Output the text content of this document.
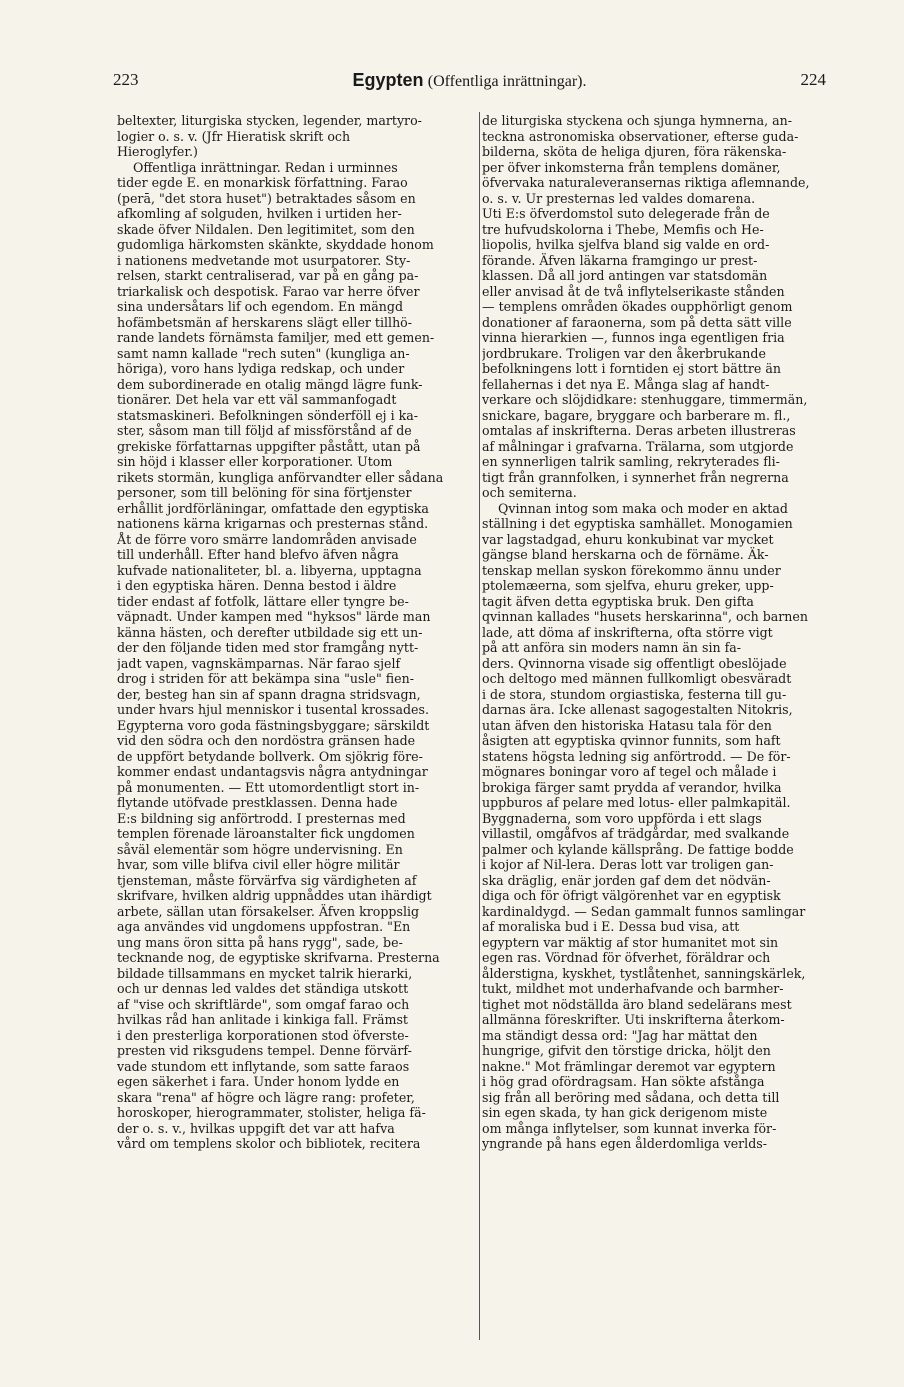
223	Egypten (Offentliga inrättningar).	224
beltexter, liturgiska stycken, legender, martyro-
logier o. s. v. (Jfr Hieratisk skrift och
Hieroglyfer.)
Offentliga inrättningar. Redan i urminnes
tider egde E. en monarkisk författning. Farao
(perā, "det stora huset") betraktades såsom en
afkomling af solguden, hvilken i urtiden her-
skade öfver Nildalen. Den legitimitet, som den
gudomliga härkomsten skänkte, skyddade honom
i nationens medvetande mot usurpatorer. Sty-
relsen, starkt centraliserad, var på en gång pa-
triarkalisk och despotisk. Farao var herre öfver
sina undersåtars lif och egendom. En mängd
hofämbetsmän af herskarens slägt eller tillhö-
rande landets förnämsta familjer, med ett gemen-
samt namn kallade "rech suten" (kungliga an-
höriga), voro hans lydiga redskap, och under
dem subordinerade en otalig mängd lägre funk-
tionärer. Det hela var ett väl sammanfogadt
statsmaskineri. Befolkningen sönderföll ej i ka-
ster, såsom man till följd af missförstånd af de
grekiske författarnas uppgifter påstått, utan på
sin höjd i klasser eller korporationer. Utom
rikets stormän, kungliga anförvandter eller sådana
personer, som till belöning för sina förtjenster
erhållit jordförläningar, omfattade den egyptiska
nationens kärna krigarnas och presternas stånd.
Åt de förre voro smärre landområden anvisade
till underhåll. Efter hand blefvo äfven några
kufvade nationaliteter, bl. a. libyerna, upptagna
i den egyptiska hären. Denna bestod i äldre
tider endast af fotfolk, lättare eller tyngre be-
väpnadt. Under kampen med "hyksos" lärde man
känna hästen, och derefter utbildade sig ett un-
der den följande tiden med stor framgång nytt-
jadt vapen, vagnskämparnas. När farao sjelf
drog i striden för att bekämpa sina "usle" fien-
der, besteg han sin af spann dragna stridsvagn,
under hvars hjul menniskor i tusental krossades.
Egypterna voro goda fästningsbyggare; särskildt
vid den södra och den nordöstra gränsen hade
de uppfört betydande bollverk. Om sjökrig före-
kommer endast undantagsvis några antydningar
på monumenten. — Ett utomordentligt stort in-
flytande utöfvade prestklassen. Denna hade
E:s bildning sig anförtrodd. I presternas med
templen förenade läroanstalter fick ungdomen
såväl elementär som högre undervisning. En
hvar, som ville blifva civil eller högre militär
tjensteman, måste förvärfva sig värdigheten af
skrifvare, hvilken aldrig uppnåddes utan ihärdigt
arbete, sällan utan försakelser. Äfven kroppslig
aga användes vid ungdomens uppfostran. "En
ung mans öron sitta på hans rygg", sade, be-
tecknande nog, de egyptiske skrifvarna. Presterna
bildade tillsammans en mycket talrik hierarki,
och ur dennas led valdes det ständiga utskott
af "vise och skriftlärde", som omgaf farao och
hvilkas råd han anlitade i kinkiga fall. Främst
i den presterliga korporationen stod öfverste-
presten vid riksgudens tempel. Denne förvärf-
vade stundom ett inflytande, som satte faraos
egen säkerhet i fara. Under honom lydde en
skara "rena" af högre och lägre rang: profeter,
horoskoper, hierogrammater, stolister, heliga fä-
der o. s. v., hvilkas uppgift det var att hafva
vård om templens skolor och bibliotek, recitera
de liturgiska styckena och sjunga hymnerna, an-
teckna astronomiska observationer, efterse guda-
bilderna, sköta de heliga djuren, föra räkenska-
per öfver inkomsterna från templens domäner,
öfvervaka naturaleveransernas riktiga aflemnande,
o. s. v. Ur presternas led valdes domarena.
Uti E:s öfverdomstol suto delegerade från de
tre hufvudskolorna i Thebe, Memfis och He-
liopolis, hvilka sjelfva bland sig valde en ord-
förande. Äfven läkarna framgingo ur prest-
klassen. Då all jord antingen var statsdomän
eller anvisad åt de två inflytelserikaste stånden
— templens områden ökades oupphörligt genom
donationer af faraonerna, som på detta sätt ville
vinna hierarkien —, funnos inga egentligen fria
jordbrukare. Troligen var den åkerbrukande
befolkningens lott i forntiden ej stort bättre än
fellahernas i det nya E. Många slag af handt-
verkare och slöjdidkare: stenhuggare, timmermän,
snickare, bagare, bryggare och barberare m. fl.,
omtalas af inskrifterna. Deras arbeten illustreras
af målningar i grafvarna. Trälarna, som utgjorde
en synnerligen talrik samling, rekryterades fli-
tigt från grannfolken, i synnerhet från negrerna
och semiterna.
Qvinnan intog som maka och moder en aktad
ställning i det egyptiska samhället. Monogamien
var lagstadgad, ehuru konkubinat var mycket
gängse bland herskarna och de förnäme. Äk-
tenskap mellan syskon förekommo ännu under
ptolemæerna, som sjelfva, ehuru greker, upp-
tagit äfven detta egyptiska bruk. Den gifta
qvinnan kallades "husets herskarinna", och barnen
lade, att döma af inskrifterna, ofta större vigt
på att anföra sin moders namn än sin fa-
ders. Qvinnorna visade sig offentligt obeslöjade
och deltogo med männen fullkomligt obesväradt
i de stora, stundom orgiastiska, festerna till gu-
darnas ära. Icke allenast sagogestalten Nitokris,
utan äfven den historiska Hatasu tala för den
åsigten att egyptiska qvinnor funnits, som haft
statens högsta ledning sig anförtrodd. — De för-
mögnares boningar voro af tegel och målade i
brokiga färger samt prydda af verandor, hvilka
uppburos af pelare med lotus- eller palmkapitäl.
Byggnaderna, som voro uppförda i ett slags
villastil, omgåfvos af trädgårdar, med svalkande
palmer och kylande källsprång. De fattige bodde
i kojor af Nil-lera. Deras lott var troligen gan-
ska dräglig, enär jorden gaf dem det nödvän-
diga och för öfrigt välgörenhet var en egyptisk
kardinaldygd. — Sedan gammalt funnos samlingar
af moraliska bud i E. Dessa bud visa, att
egyptern var mäktig af stor humanitet mot sin
egen ras. Vördnad för öfverhet, föräldrar och
ålderstigna, kyskhet, tystlåtenhet, sanningskärlek,
tukt, mildhet mot underhafvande och barmher-
tighet mot nödställda äro bland sedelärans mest
allmänna föreskrifter. Uti inskrifterna återkom-
ma ständigt dessa ord: "Jag har mättat den
hungrige, gifvit den törstige dricka, höljt den
nakne." Mot främlingar deremot var egyptern
i hög grad ofördragsam. Han sökte afstånga
sig från all beröring med sådana, och detta till
sin egen skada, ty han gick derigenom miste
om många inflytelser, som kunnat inverka för-
yngrande på hans egen ålderdomliga verlds-
